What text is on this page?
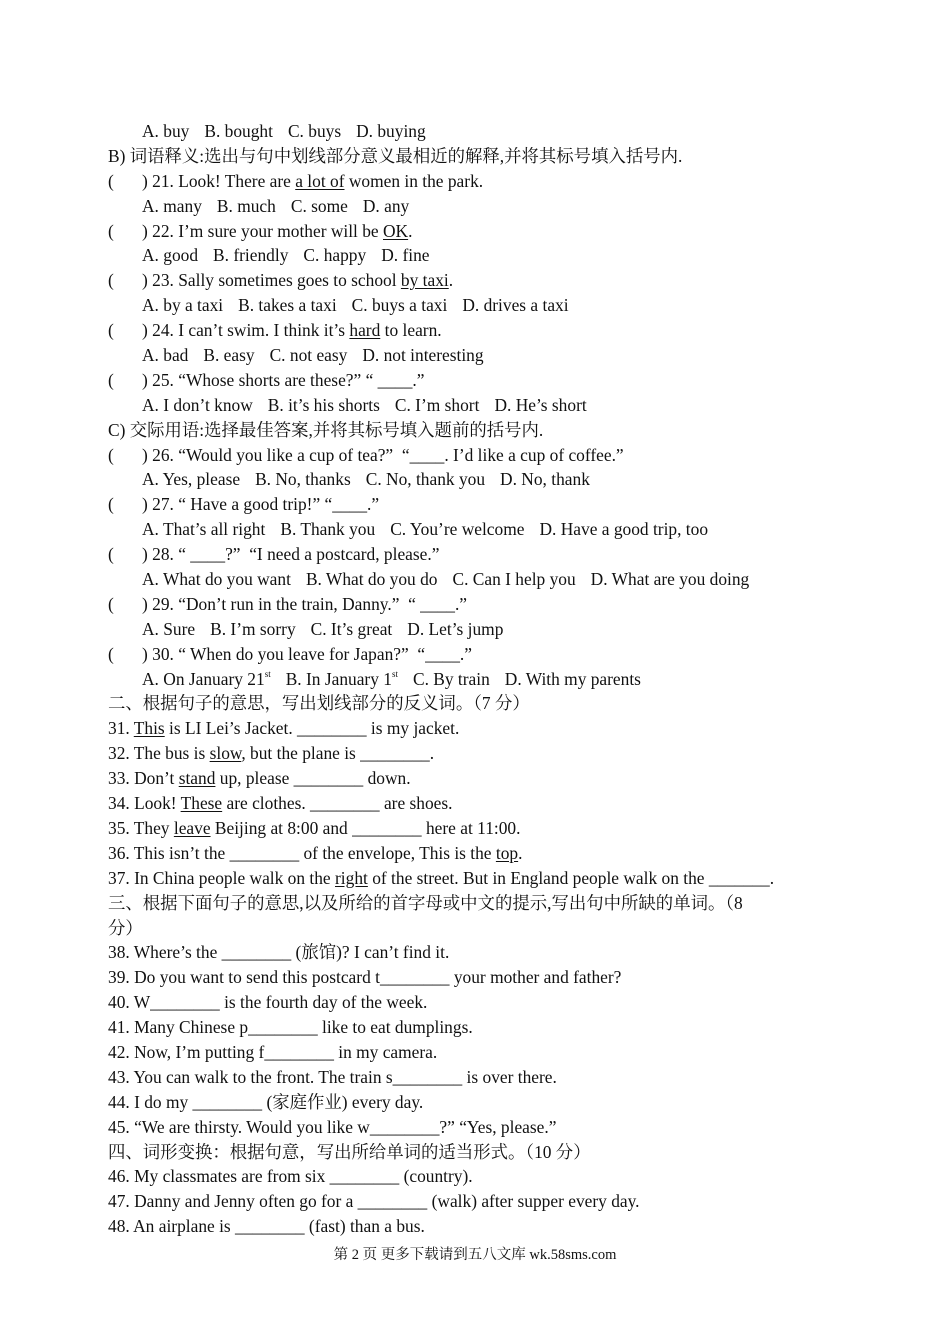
A. buy B. bought C. buys D. buying
B) 词语释义:选出与句中划线部分意义最相近的解释,并将其标号填入括号内.
( ) 21. Look! There are a lot of women in the park.
A. many B. much C. some D. any
( ) 22. I’m sure your mother will be OK.
A. good B. friendly C. happy D. fine
( ) 23. Sally sometimes goes to school by taxi.
A. by a taxi B. takes a taxi C. buys a taxi D. drives a taxi
( ) 24. I can’t swim. I think it’s hard to learn.
A. bad B. easy C. not easy D. not interesting
( ) 25. “Whose shorts are these?” “ ____.”
A. I don’t know B. it’s his shorts C. I’m short D. He’s short
C) 交际用语:选择最佳答案,并将其标号填入题前的括号内.
( ) 26. “Would you like a cup of tea?”  “____. I’d like a cup of coffee.”
A. Yes, please B. No, thanks C. No, thank you D. No, thank
( ) 27. “ Have a good trip!” “____.”
A. That’s all right B. Thank you C. You’re welcome D. Have a good trip, too
( ) 28. “ ____?”  “I need a postcard, please.”
A. What do you want B. What do you do C. Can I help you D. What are you doing
( ) 29. “Don’t run in the train, Danny.”  “ ____.”
A. Sure B. I’m sorry C. It’s great D. Let’s jump
( ) 30. “ When do you leave for Japan?”  “____.”
A. On January 21st B. In January 1st C. By train D. With my parents
二、根据句子的意思，写出划线部分的反义词。（7 分）
31. This is LI Lei’s Jacket. ________ is my jacket.
32. The bus is slow, but the plane is ________.
33. Don’t stand up, please ________ down.
34. Look! These are clothes. ________ are shoes.
35. They leave Beijing at 8:00 and ________ here at 11:00.
36. This isn’t the ________ of the envelope, This is the top.
37. In China people walk on the right of the street. But in England people walk on the _______.
三、根据下面句子的意思,以及所给的首字母或中文的提示,写出句中所缺的单词。（8
分）
38. Where’s the ________ (旅馆)? I can’t find it.
39. Do you want to send this postcard t________ your mother and father?
40. W________ is the fourth day of the week.
41. Many Chinese p________ like to eat dumplings.
42. Now, I’m putting f________ in my camera.
43. You can walk to the front. The train s________ is over there.
44. I do my ________ (家庭作业) every day.
45. “We are thirsty. Would you like w________?” “Yes, please.”
四、词形变换：根据句意，写出所给单词的适当形式。（10 分）
46. My classmates are from six ________ (country).
47. Danny and Jenny often go for a ________ (walk) after supper every day.
48. An airplane is ________ (fast) than a bus.
第 2 页 更多下载请到五八文库 wk.58sms.com
